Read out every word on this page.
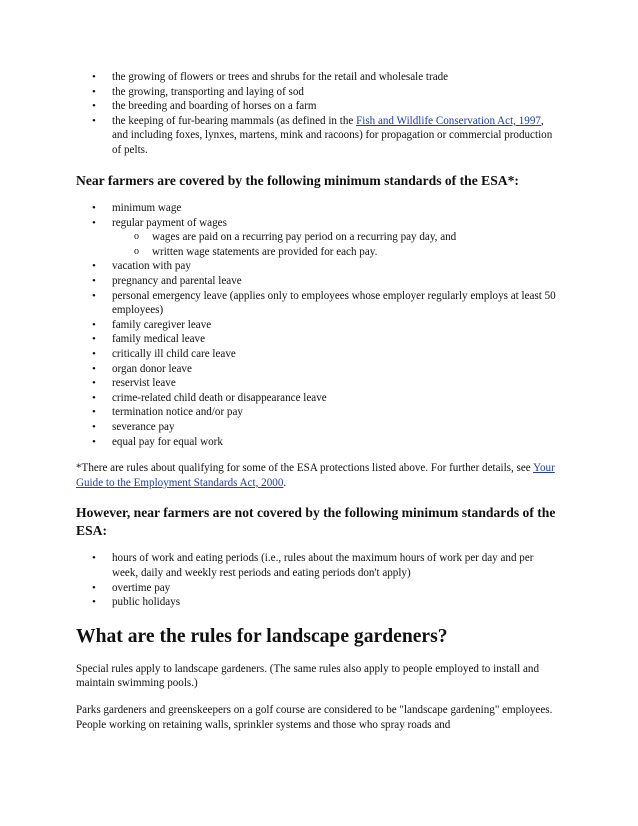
• the growing of flowers or trees and shrubs for the retail and wholesale trade
• the growing, transporting and laying of sod
• the breeding and boarding of horses on a farm
• the keeping of fur-bearing mammals (as defined in the Fish and Wildlife Conservation Act, 1997, and including foxes, lynxes, martens, mink and racoons) for propagation or commercial production of pelts.
Near farmers are covered by the following minimum standards of the ESA*:
• minimum wage
• regular payment of wages
o wages are paid on a recurring pay period on a recurring pay day, and
o written wage statements are provided for each pay.
• vacation with pay
• pregnancy and parental leave
• personal emergency leave (applies only to employees whose employer regularly employs at least 50 employees)
• family caregiver leave
• family medical leave
• critically ill child care leave
• organ donor leave
• reservist leave
• crime-related child death or disappearance leave
• termination notice and/or pay
• severance pay
• equal pay for equal work

*There are rules about qualifying for some of the ESA protections listed above. For further details, see Your Guide to the Employment Standards Act, 2000.

However, near farmers are not covered by the following minimum standards of the ESA:
• hours of work and eating periods (i.e., rules about the maximum hours of work per day and per week, daily and weekly rest periods and eating periods don't apply)
• overtime pay
• public holidays
What are the rules for landscape gardeners?

Special rules apply to landscape gardeners. (The same rules also apply to people employed to install and maintain swimming pools.)

Parks gardeners and greenskeepers on a golf course are considered to be "landscape gardening" employees. People working on retaining walls, sprinkler systems and those who spray roads and
